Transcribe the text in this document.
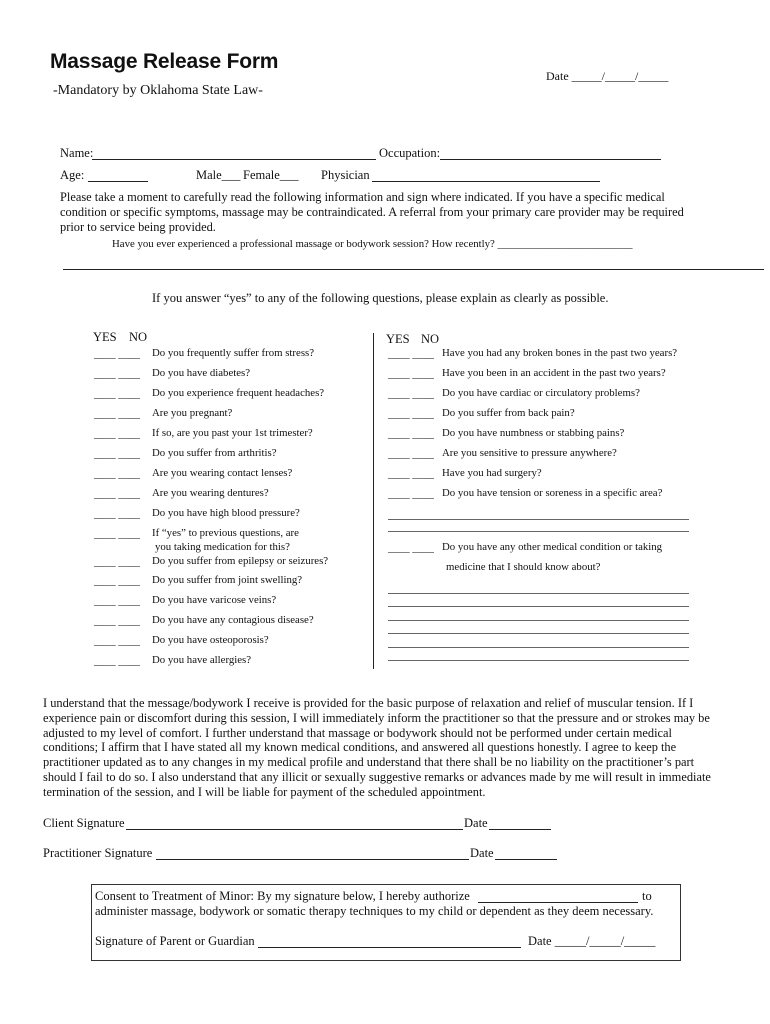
Massage Release Form
-Mandatory by Oklahoma State Law-
Date _____/_____/_____
Name:	Occupation:
Age:	Male___ Female___ Physician
Please take a moment to carefully read the following information and sign where indicated. If you have a specific medical condition or specific symptoms, massage may be contraindicated. A referral from your primary care provider may be required prior to service being provided.
Have you ever experienced a professional massage or bodywork session? How recently? _________________________
If you answer “yes” to any of the following questions, please explain as clearly as possible.
YES NO	YES NO
____ ____ Do you frequently suffer from stress?
____ ____ Do you have diabetes?
____ ____ Do you experience frequent headaches?
____ ____ Are you pregnant?
____ ____ If so, are you past your 1st trimester?
____ ____ Do you suffer from arthritis?
____ ____ Are you wearing contact lenses?
____ ____ Are you wearing dentures?
____ ____ Do you have high blood pressure?
____ ____ If “yes” to previous questions, are
you taking medication for this?
____ ____ Do you suffer from epilepsy or seizures?
____ ____ Do you suffer from joint swelling?
____ ____ Do you have varicose veins?
____ ____ Do you have any contagious disease?
____ ____ Do you have osteoporosis?
____ ____ Do you have allergies?
____ ____ Have you had any broken bones in the past two years?
____ ____ Have you been in an accident in the past two years?
____ ____ Do you have cardiac or circulatory problems?
____ ____ Do you suffer from back pain?
____ ____ Do you have numbness or stabbing pains?
____ ____ Are you sensitive to pressure anywhere?
____ ____ Have you had surgery?
____ ____ Do you have tension or soreness in a specific area?
____ ____ Do you have any other medical condition or taking
medicine that I should know about?
I understand that the message/bodywork I receive is provided for the basic purpose of relaxation and relief of muscular tension. If I experience pain or discomfort during this session, I will immediately inform the practitioner so that the pressure and or strokes may be adjusted to my level of comfort. I further understand that massage or bodywork should not be performed under certain medical conditions; I affirm that I have stated all my known medical conditions, and answered all questions honestly. I agree to keep the practitioner updated as to any changes in my medical profile and understand that there shall be no liability on the practitioner’s part should I fail to do so. I also understand that any illicit or sexually suggestive remarks or advances made by me will result in immediate termination of the session, and I will be liable for payment of the scheduled appointment.
Client Signature	Date
Practitioner Signature	Date
Consent to Treatment of Minor: By my signature below, I hereby authorize	to
administer massage, bodywork or somatic therapy techniques to my child or dependent as they deem necessary.
Signature of Parent or Guardian	Date _____/_____/_____
